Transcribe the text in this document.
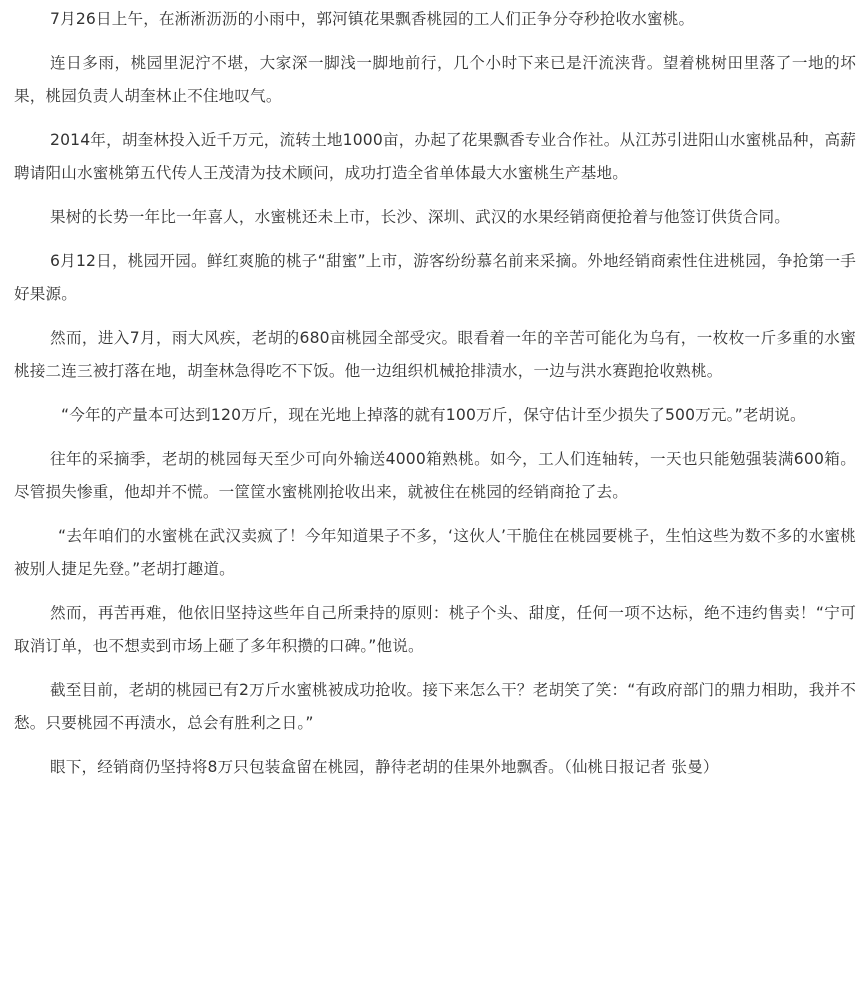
7月26日上午，在淅淅沥沥的小雨中，郭河镇花果飘香桃园的工人们正争分夺秒抢收水蜜桃。

连日多雨，桃园里泥泞不堪，大家深一脚浅一脚地前行，几个小时下来已是汗流浃背。望着桃树田里落了一地的坏果，桃园负责人胡奎林止不住地叹气。

2014年，胡奎林投入近千万元，流转土地1000亩，办起了花果飘香专业合作社。从江苏引进阳山水蜜桃品种，高薪聘请阳山水蜜桃第五代传人王茂清为技术顾问，成功打造全省单体最大水蜜桃生产基地。

果树的长势一年比一年喜人，水蜜桃还未上市，长沙、深圳、武汉的水果经销商便抢着与他签订供货合同。

6月12日，桃园开园。鲜红爽脆的桃子“甜蜜”上市，游客纷纷慕名前来采摘。外地经销商索性住进桃园，争抢第一手好果源。

然而，进入7月，雨大风疾，老胡的680亩桃园全部受灾。眼看着一年的辛苦可能化为乌有，一枚枚一斤多重的水蜜桃接二连三被打落在地，胡奎林急得吃不下饭。他一边组织机械抢排渍水，一边与洪水赛跑抢收熟桃。

“今年的产量本可达到120万斤，现在光地上掉落的就有100万斤，保守估计至少损失了500万元。”老胡说。

往年的采摘季，老胡的桃园每天至少可向外输送4000箱熟桃。如今，工人们连轴转，一天也只能勉强装满600箱。尽管损失惨重，他却并不慌。一筐筐水蜜桃刚抢收出来，就被住在桃园的经销商抢了去。

“去年咱们的水蜜桃在武汉卖疯了！今年知道果子不多，‘这伙人’干脆住在桃园要桃子，生怕这些为数不多的水蜜桃被别人捷足先登。”老胡打趣道。

然而，再苦再难，他依旧坚持这些年自己所秉持的原则：桃子个头、甜度，任何一项不达标，绝不违约售卖！“宁可取消订单，也不想卖到市场上砸了多年积攒的口碑。”他说。

截至目前，老胡的桃园已有2万斤水蜜桃被成功抢收。接下来怎么干？老胡笑了笑：“有政府部门的鼎力相助，我并不愁。只要桃园不再渍水，总会有胜利之日。”

眼下，经销商仍坚持将8万只包装盒留在桃园，静待老胡的佳果外地飘香。（仙桃日报记者 张曼）
